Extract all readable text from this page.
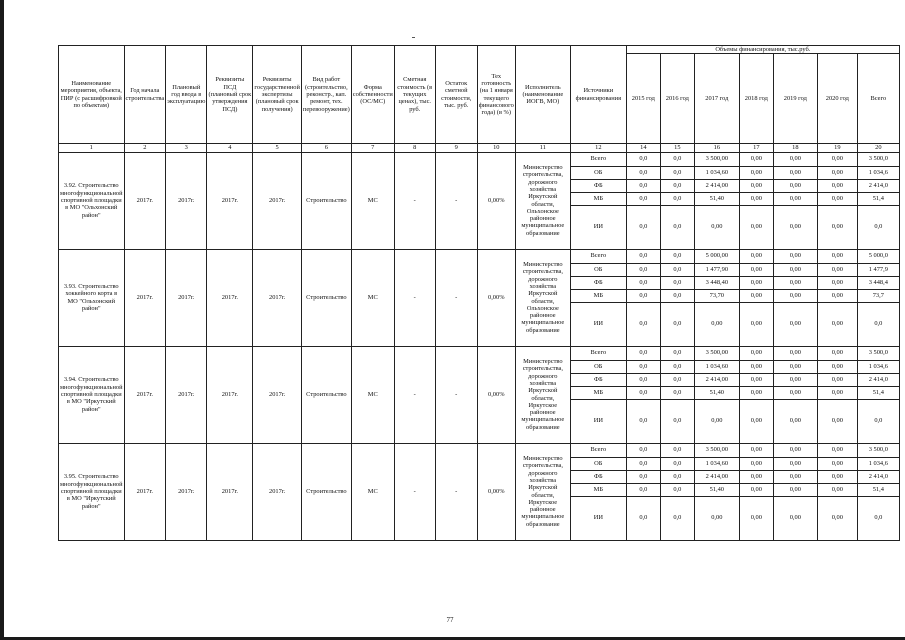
Наименование мероприятия, объекта, ПИР (с расшифровкой по объектам)	Год начала строительства	Плановый год ввода в эксплуатацию	Реквизиты ПСД (плановый срок утверждения ПСД)	Реквизиты государственной экспертизы (плановый срок получения)	Вид работ (строительство, реконстр., кап. ремонт, тех. перевооружение)	Форма собственности (ОС/МС)	Сметная стоимость (в текущих ценах), тыс. руб.	Остаток сметной стоимости, тыс. руб.	Тех готовность (на 1 января текущего финансового года) (в %)	Исполнитель (наименование ИОГВ, МО)	Источники финансирования	Объемы финансирования, тыс.руб.						
												2015 год	2016 год	2017 год	2018 год	2019 год	2020 год	Всего
1	2	3	4	5	6	7	8	9	10	11	12	14	15	16	17	18	19	20
3.92. Строительство многофункциональной спортивной площадки в МО "Ольхонский район"	2017г.	2017г.	2017г.	2017г.	Строительство	МС	-	-	0,00%	Министерство строительства, дорожного хозяйства Иркутской области, Ольхонское районное муниципальное образование	Всего	0,0	0,0	3 500,00	0,00	0,00	0,00	3 500,0
											ОБ	0,0	0,0	1 034,60	0,00	0,00	0,00	1 034,6
											ФБ	0,0	0,0	2 414,00	0,00	0,00	0,00	2 414,0
											МБ	0,0	0,0	51,40	0,00	0,00	0,00	51,4
											ИИ	0,0	0,0	0,00	0,00	0,00	0,00	0,0
3.93. Строительство хоккейного корта в МО "Ольхонский район"	2017г.	2017г.	2017г.	2017г.	Строительство	МС	-	-	0,00%	Министерство строительства, дорожного хозяйства Иркутской области, Ольхонское районное муниципальное образование	Всего	0,0	0,0	5 000,00	0,00	0,00	0,00	5 000,0
											ОБ	0,0	0,0	1 477,90	0,00	0,00	0,00	1 477,9
											ФБ	0,0	0,0	3 448,40	0,00	0,00	0,00	3 448,4
											МБ	0,0	0,0	73,70	0,00	0,00	0,00	73,7
											ИИ	0,0	0,0	0,00	0,00	0,00	0,00	0,0
3.94. Строительство многофункциональной спортивной площадки в МО "Иркутский район"	2017г.	2017г.	2017г.	2017г.	Строительство	МС	-	-	0,00%	Министерство строительства, дорожного хозяйства Иркутской области, Иркутское районное муниципальное образование	Всего	0,0	0,0	3 500,00	0,00	0,00	0,00	3 500,0
											ОБ	0,0	0,0	1 034,60	0,00	0,00	0,00	1 034,6
											ФБ	0,0	0,0	2 414,00	0,00	0,00	0,00	2 414,0
											МБ	0,0	0,0	51,40	0,00	0,00	0,00	51,4
											ИИ	0,0	0,0	0,00	0,00	0,00	0,00	0,0
3.95. Строительство многофункциональной спортивной площадки в МО "Иркутский район"	2017г.	2017г.	2017г.	2017г.	Строительство	МС	-	-	0,00%	Министерство строительства, дорожного хозяйства Иркутской области, Иркутское районное муниципальное образование	Всего	0,0	0,0	3 500,00	0,00	0,00	0,00	3 500,0
											ОБ	0,0	0,0	1 034,60	0,00	0,00	0,00	1 034,6
											ФБ	0,0	0,0	2 414,00	0,00	0,00	0,00	2 414,0
											МБ	0,0	0,0	51,40	0,00	0,00	0,00	51,4
											ИИ	0,0	0,0	0,00	0,00	0,00	0,00	0,0
77
